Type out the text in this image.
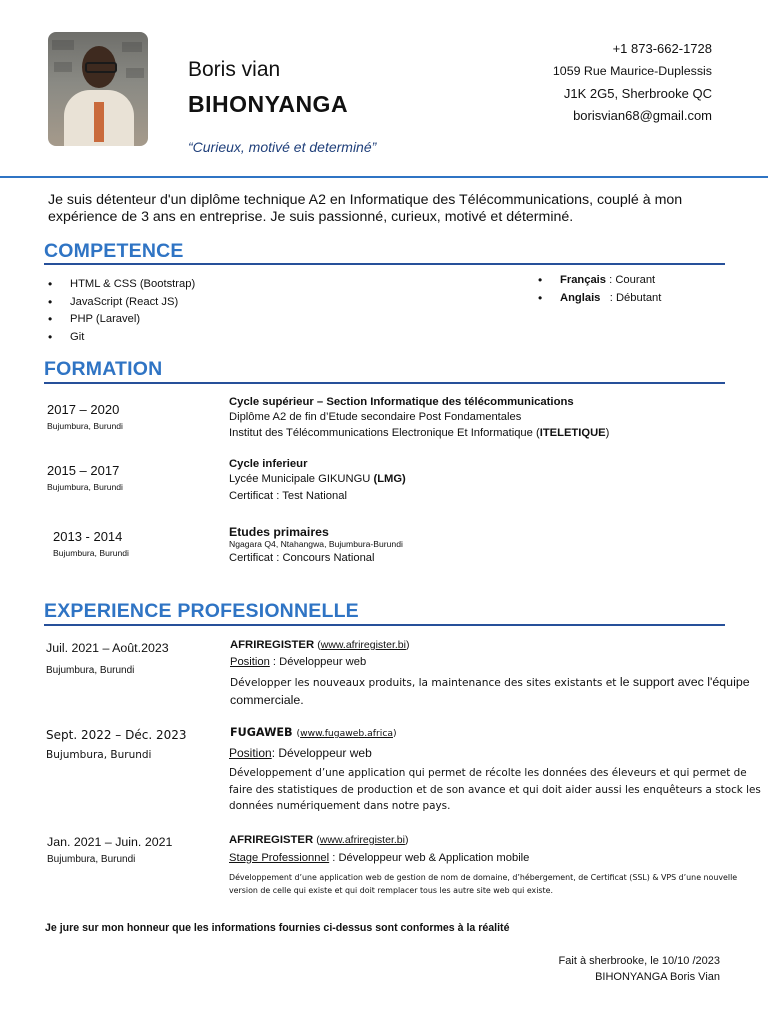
Boris vian
BIHONYANGA
“Curieux, motivé et determiné”
+1 873-662-1728
1059 Rue Maurice-Duplessis
J1K 2G5, Sherbrooke QC
borisvian68@gmail.com
Je suis détenteur d'un diplôme technique A2 en Informatique des Télécommunications, couplé à mon expérience de 3 ans en entreprise. Je suis passionné, curieux, motivé et déterminé.
COMPETENCE
• HTML & CSS (Bootstrap)
• JavaScript (React JS)
• PHP (Laravel)
• Git
• Français : Courant
• Anglais   : Débutant
FORMATION
2017 – 2020
Bujumbura, Burundi
Cycle supérieur – Section Informatique des télécommunications
Diplôme A2 de fin d’Etude secondaire Post Fondamentales
Institut des Télécommunications Electronique Et Informatique (ITELETIQUE)
2015 – 2017
Bujumbura, Burundi
Cycle inferieur
Lycée Municipale GIKUNGU (LMG)
Certificat : Test National
2013 - 2014
Bujumbura, Burundi
Etudes primaires
Ngagara Q4, Ntahangwa, Bujumbura-Burundi
Certificat : Concours National
EXPERIENCE PROFESIONNELLE
Juil. 2021 – Août.2023
Bujumbura, Burundi
AFRIREGISTER (www.afriregister.bi)
Position : Développeur web
Développer les nouveaux produits, la maintenance des sites existants et le support avec l'équipe commerciale.
Sept. 2022 – Déc. 2023
Bujumbura, Burundi
FUGAWEB (www.fugaweb.africa)
Position: Développeur web
Développement d’une application qui permet de récolte les données des éleveurs et qui permet de faire des statistiques de production et de son avance et qui doit aider aussi les enquêteurs a stock les données numériquement dans notre pays.
Jan. 2021 – Juin. 2021
Bujumbura, Burundi
AFRIREGISTER (www.afriregister.bi)
Stage Professionnel : Développeur web & Application mobile
Développement d’une application web de gestion de nom de domaine, d’hébergement, de Certificat (SSL) & VPS d’une nouvelle version de celle qui existe et qui doit remplacer tous les autre site web qui existe.
Je jure sur mon honneur que les informations fournies ci-dessus sont conformes à la réalité
Fait à sherbrooke, le 10/10 /2023
BIHONYANGA Boris Vian
